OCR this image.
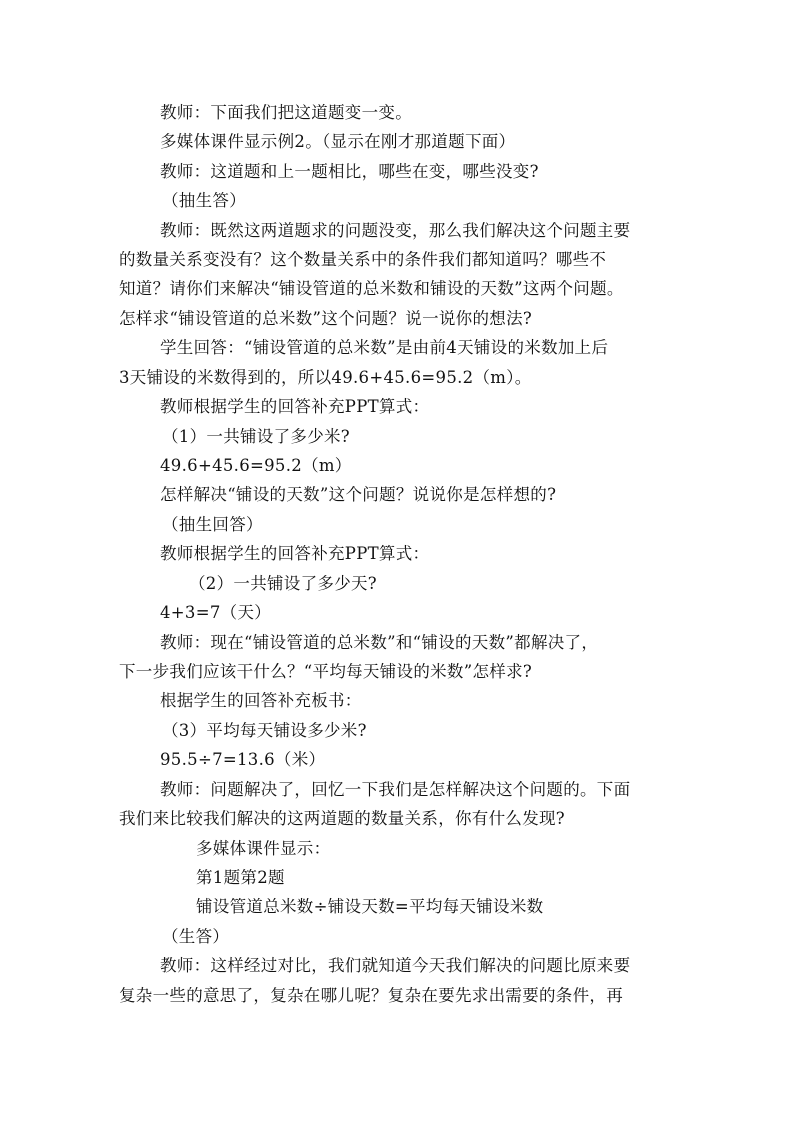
教师：下面我们把这道题变一变。
多媒体课件显示例2。（显示在刚才那道题下面）
教师：这道题和上一题相比，哪些在变，哪些没变?
（抽生答）
教师：既然这两道题求的问题没变，那么我们解决这个问题主要
的数量关系变没有？这个数量关系中的条件我们都知道吗？哪些不
知道？请你们来解决“铺设管道的总米数和铺设的天数”这两个问题。
怎样求“铺设管道的总米数”这个问题？说一说你的想法?
学生回答：“铺设管道的总米数”是由前4天铺设的米数加上后
3天铺设的米数得到的，所以49.6+45.6=95.2（m）。
教师根据学生的回答补充PPT算式：
（1）一共铺设了多少米?
49.6+45.6=95.2（m）
怎样解决“铺设的天数”这个问题？说说你是怎样想的?
（抽生回答）
教师根据学生的回答补充PPT算式：
（2）一共铺设了多少天?
4+3=7（天）
教师：现在“铺设管道的总米数”和“铺设的天数”都解决了，
下一步我们应该干什么？“平均每天铺设的米数”怎样求?
根据学生的回答补充板书：
（3）平均每天铺设多少米?
95.5÷7=13.6（米）
教师：问题解决了，回忆一下我们是怎样解决这个问题的。下面
我们来比较我们解决的这两道题的数量关系，你有什么发现?
多媒体课件显示：
第1题第2题
铺设管道总米数÷铺设天数=平均每天铺设米数
（生答）
教师：这样经过对比，我们就知道今天我们解决的问题比原来要
复杂一些的意思了，复杂在哪儿呢？复杂在要先求出需要的条件，再
